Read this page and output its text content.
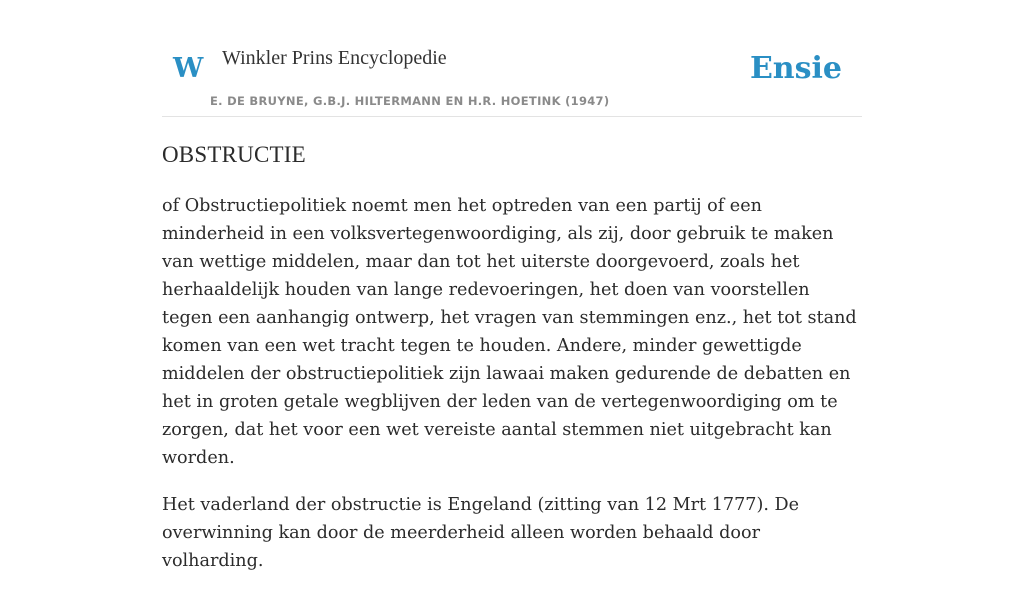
W Winkler Prins Encyclopedie
E. DE BRUYNE, G.B.J. HILTERMANN EN H.R. HOETINK (1947)
Ensie
OBSTRUCTIE

of Obstructiepolitiek noemt men het optreden van een partij of een minderheid in een volksvertegenwoordiging, als zij, door gebruik te maken van wettige middelen, maar dan tot het uiterste doorgevoerd, zoals het herhaaldelijk houden van lange redevoeringen, het doen van voorstellen tegen een aanhangig ontwerp, het vragen van stemmingen enz., het tot stand komen van een wet tracht tegen te houden. Andere, minder gewettigde middelen der obstructiepolitiek zijn lawaai maken gedurende de debatten en het in groten getale wegblijven der leden van de vertegenwoordiging om te zorgen, dat het voor een wet vereiste aantal stemmen niet uitgebracht kan worden.

Het vaderland der obstructie is Engeland (zitting van 12 Mrt 1777). De overwinning kan door de meerderheid alleen worden behaald door volharding.
